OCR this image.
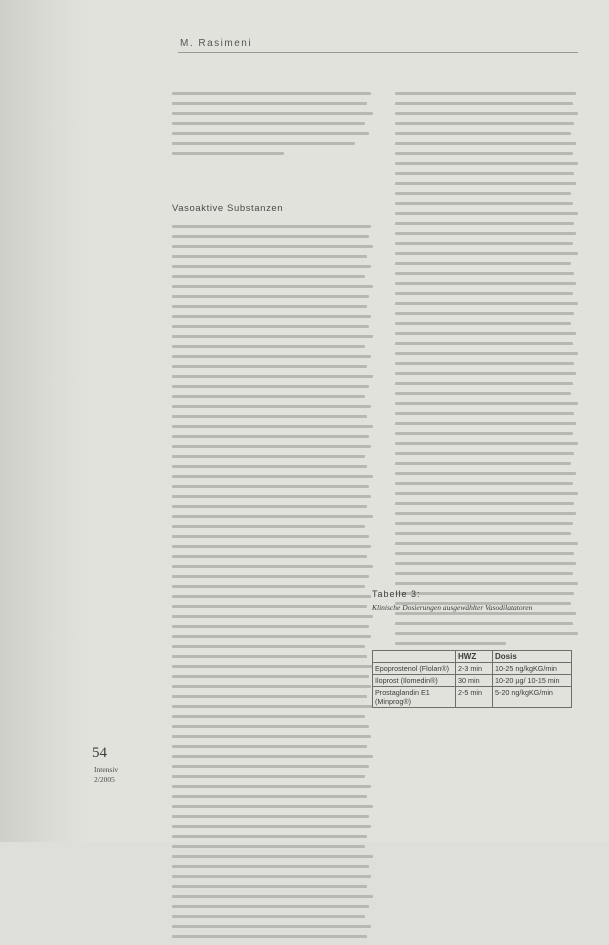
M. Rasimeni
Vasoaktive Substanzen
Tabelle 3:
Klinische Dosierungen ausgewählter Vasodilatatoren
	HWZ	Dosis
Epoprostenol (Flolan®)	2-3 min	10-25 ng/kgKG/min
Iloprost (Ilomedin®)	30 min	10-20 µg/ 10-15 min
Prostaglandin E1 (Minprog®)	2-5 min	5-20 ng/kgKG/min
54
Intensiv
2/2005
